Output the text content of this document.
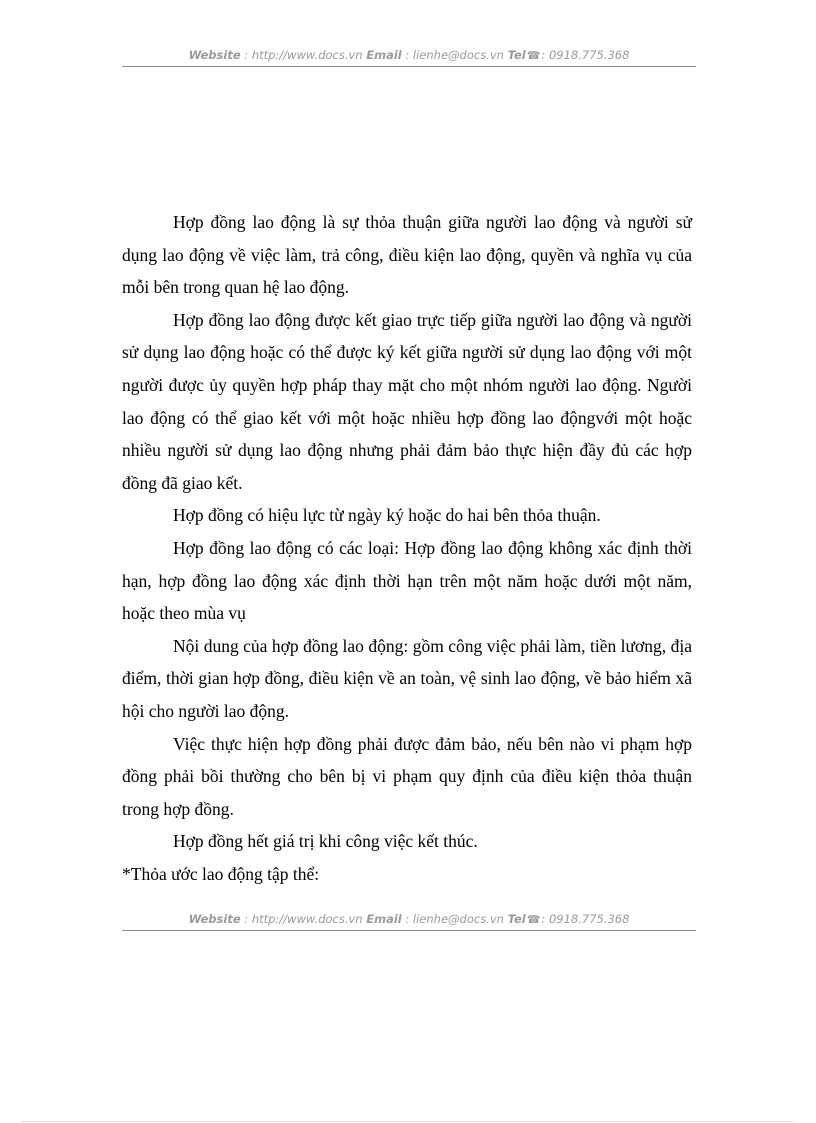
Website : http://www.docs.vn Email : lienhe@docs.vn Tel☎: 0918.775.368

Hợp đồng lao động là sự thỏa thuận giữa người lao động và người sử dụng lao động về việc làm, trả công, điều kiện lao động, quyền và nghĩa vụ của mỗi bên trong quan hệ lao động.

Hợp đồng lao động được kết giao trực tiếp giữa người lao động và người sử dụng lao động hoặc có thể được ký kết giữa người sử dụng lao động với một người được ủy quyền hợp pháp thay mặt cho một nhóm người lao động. Người lao động có thể giao kết với một hoặc nhiều hợp đồng lao độngvới một hoặc nhiều người sử dụng lao động nhưng phải đảm bảo thực hiện đầy đủ các hợp đồng đã giao kết.

Hợp đồng có hiệu lực từ ngày ký hoặc do hai bên thỏa thuận.

Hợp đồng lao động có các loại: Hợp đồng lao động không xác định thời hạn, hợp đồng lao động xác định thời hạn trên một năm hoặc dưới một năm, hoặc theo mùa vụ

Nội dung của hợp đồng lao động: gồm công việc phải làm, tiền lương, địa điểm, thời gian hợp đồng, điều kiện về an toàn, vệ sinh lao động, về bảo hiểm xã hội cho người lao động.

Việc thực hiện hợp đồng phải được đảm bảo, nếu bên nào vi phạm hợp đồng phải bồi thường cho bên bị vi phạm quy định của điều kiện thỏa thuận trong hợp đồng.

Hợp đồng hết giá trị khi công việc kết thúc.

*Thỏa ước lao động tập thể:

Website : http://www.docs.vn Email : lienhe@docs.vn Tel☎: 0918.775.368
